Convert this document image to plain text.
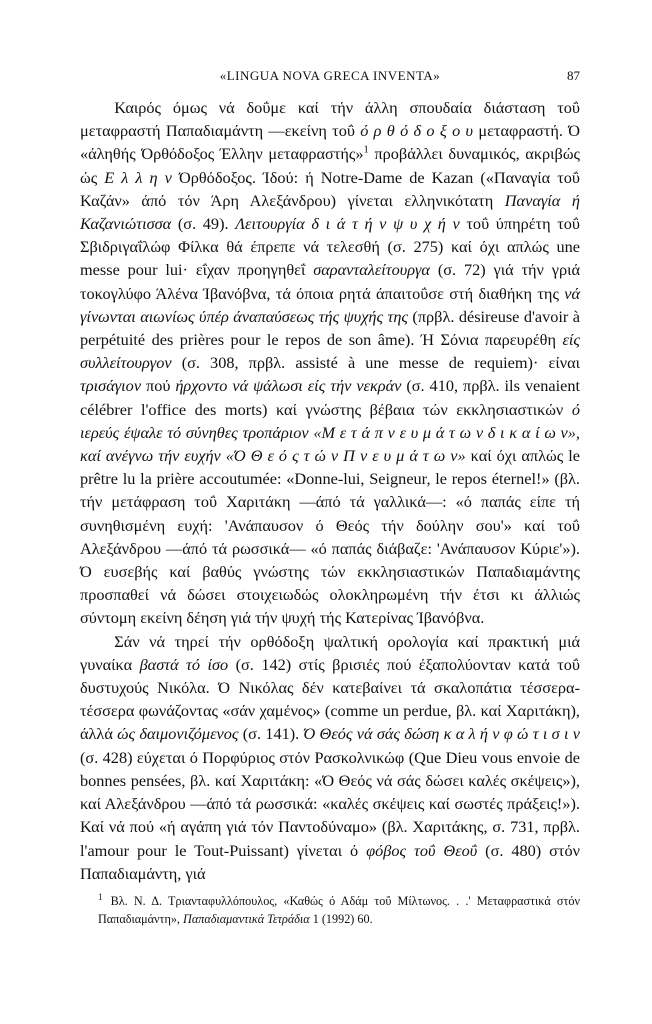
«LINGUA NOVA GRECA INVENTA»	87

Καιρός όμως νά δοΰμε καί τήν άλλη σπουδαία διάσταση τοΰ μεταφραστή Παπαδιαμάντη —εκείνη τοΰ ό ρ θ ό δ ο ξ ο υ μεταφραστή. Ό «άληθής Όρθόδοξος Έλλην μεταφραστής»$^1$ προβάλλει δυναμικός, ακριβώς ώς Ε λ λ η ν Όρθόδοξος. Ίδού: ή Notre-Dame de Kazan («Παναγία τοΰ Καζάν» άπό τόν Άρη Αλεξάνδρου) γίνεται ελληνικότατη Παναγία ή Καζανιώτισσα (σ. 49). Λειτουργία δ ι ά τ ή ν ψ υ χ ή ν τοΰ ύπηρέτη τοΰ Σβιδριγαΐλώφ Φίλκα θά έπρεπε νά τελεσθή (σ. 275) καί όχι απλώς une messe pour lui· εΐχαν προηγηθεΐ σαρανταλείτουργα (σ. 72) γιά τήν γριά τοκογλύφο Άλένα Ίβανόβνα, τά όποια ρητά άπαιτοΰσε στή διαθήκη της νά γίνωνται αιωνίως ύπέρ άναπαύσεως τής ψυχής της (πρβλ. désireuse d'avoir à perpétuité des prières pour le repos de son âme). Ή Σόνια παρευρέθη είς συλλείτουργον (σ. 308, πρβλ. assisté à une messe de requiem)· είναι τρισάγιον πού ήρχοντο νά ψάλωσι είς τήν νεκράν (σ. 410, πρβλ. ils venaient célébrer l'office des morts) καί γνώστης βέβαια τών εκκλησιαστικών ό ιερεύς έψαλε τό σύνηθες τροπάριον «Μ ε τ ά π ν ε υ μ ά τ ω ν δ ι κ α ί ω ν», καί ανέγνω τήν ευχήν «Ό Θ ε ό ς τ ώ ν Π ν ε υ μ ά τ ω ν» καί όχι απλώς le prêtre lu la prière accoutumée: «Donne-lui, Seigneur, le repos éternel!» (βλ. τήν μετάφραση τοΰ Χαριτάκη —άπό τά γαλλικά—: «ό παπάς είπε τή συνηθισμένη ευχή: 'Ανάπαυσον ό Θεός τήν δούλην σου'» καί τοΰ Αλεξάνδρου —άπό τά ρωσσικά— «ό παπάς διάβαζε: 'Ανάπαυσον Κύριε'»). Ό ευσεβής καί βαθύς γνώστης τών εκκλησιαστικών Παπαδιαμάντης προσπαθεί νά δώσει στοιχειωδώς ολοκληρωμένη τήν έτσι κι άλλιώς σύντομη εκείνη δέηση γιά τήν ψυχή τής Κατερίνας Ίβανόβνα.

Σάν νά τηρεί τήν ορθόδοξη ψαλτική ορολογία καί πρακτική μιά γυναίκα βαστά τό ίσο (σ. 142) στίς βρισιές πού έξαπολύονταν κατά τοΰ δυστυχούς Νικόλα. Ό Νικόλας δέν κατεβαίνει τά σκαλοπάτια τέσσερα-τέσσερα φωνάζοντας «σάν χαμένος» (comme un perdue, βλ. καί Χαριτάκη), άλλά ώς δαιμονιζόμενος (σ. 141). Ό Θεός νά σάς δώση κ α λ ή ν φ ώ τ ι σ ι ν (σ. 428) εύχεται ό Πορφύριος στόν Ρασκολνικώφ (Que Dieu vous envoie de bonnes pensées, βλ. καί Χαριτάκη: «Ό Θεός νά σάς δώσει καλές σκέψεις»), καί Αλεξάνδρου —άπό τά ρωσσικά: «καλές σκέψεις καί σωστές πράξεις!»). Καί νά πού «ή αγάπη γιά τόν Παντοδύναμο» (βλ. Χαριτάκης, σ. 731, πρβλ. l'amour pour le Tout-Puissant) γίνεται ό φόβος τοΰ Θεοΰ (σ. 480) στόν Παπαδιαμάντη, γιά

$^1$ Βλ. Ν. Δ. Τριανταφυλλόπουλος, «Καθώς ό Αδάμ τοΰ Μίλτωνος. . .' Μεταφραστικά στόν Παπαδιαμάντη», Παπαδιαμαντικά Τετράδια 1 (1992) 60.
